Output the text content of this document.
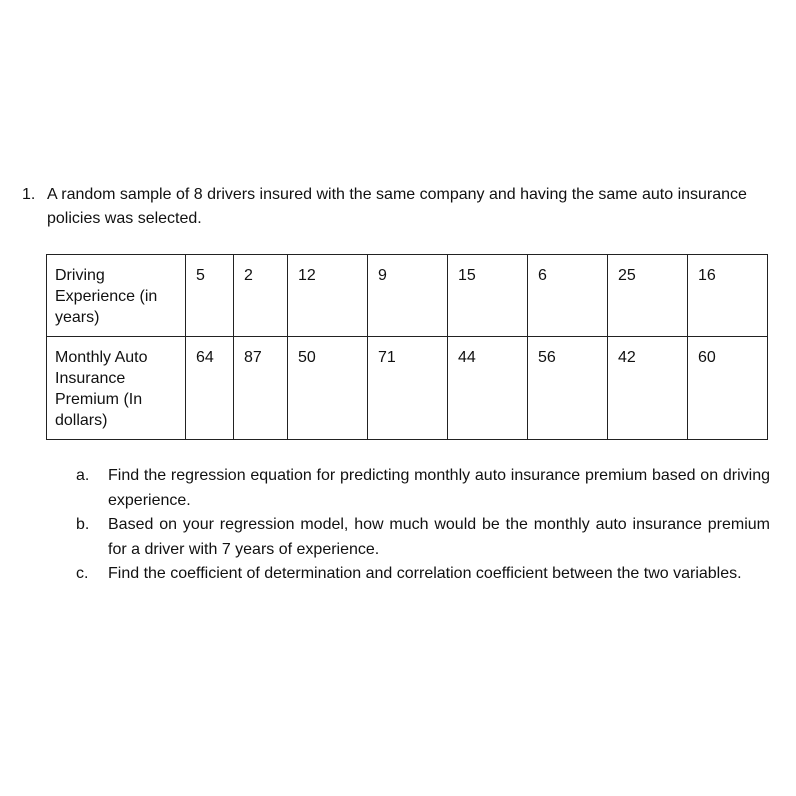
1. A random sample of 8 drivers insured with the same company and having the same auto insurance policies was selected.
Driving Experience (in years)	5	2	12	9	15	6	25	16
Monthly Auto Insurance Premium (In dollars)	64	87	50	71	44	56	42	60
a. Find the regression equation for predicting monthly auto insurance premium based on driving experience.
b. Based on your regression model, how much would be the monthly auto insurance premium for a driver with 7 years of experience.
c. Find the coefficient of determination and correlation coefficient between the two variables.
